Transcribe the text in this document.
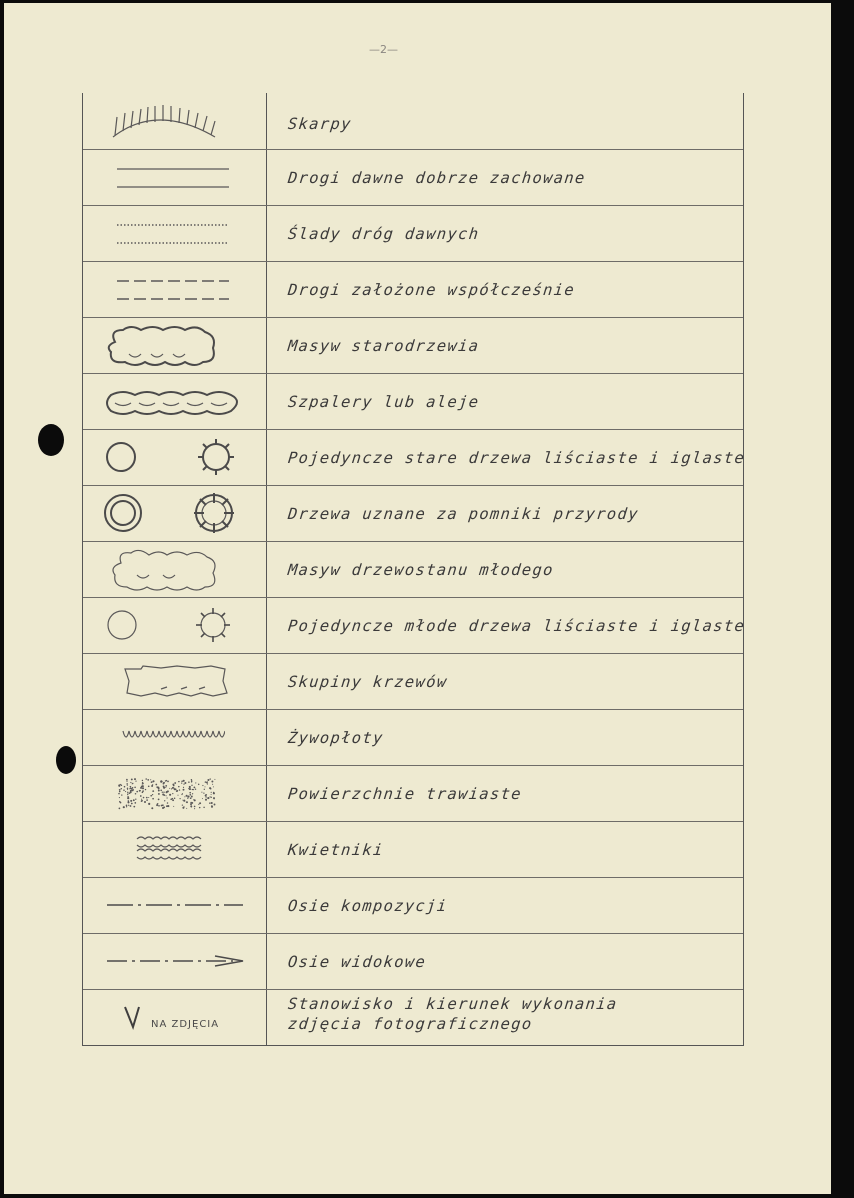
—2—
Skarpy
Drogi dawne dobrze zachowane
Ślady dróg dawnych
Drogi założone współcześnie
Masyw starodrzewia
Szpalery lub aleje
Pojedyncze stare drzewa liściaste i iglaste
Drzewa uznane za pomniki przyrody
Masyw drzewostanu młodego
Pojedyncze młode drzewa liściaste i iglaste
Skupiny krzewów
Żywopłoty
Powierzchnie trawiaste
Kwietniki
Osie kompozycji
Osie widokowe
NA ZDJĘCIA
Stanowisko i kierunek wykonania
zdjęcia fotograficznego
